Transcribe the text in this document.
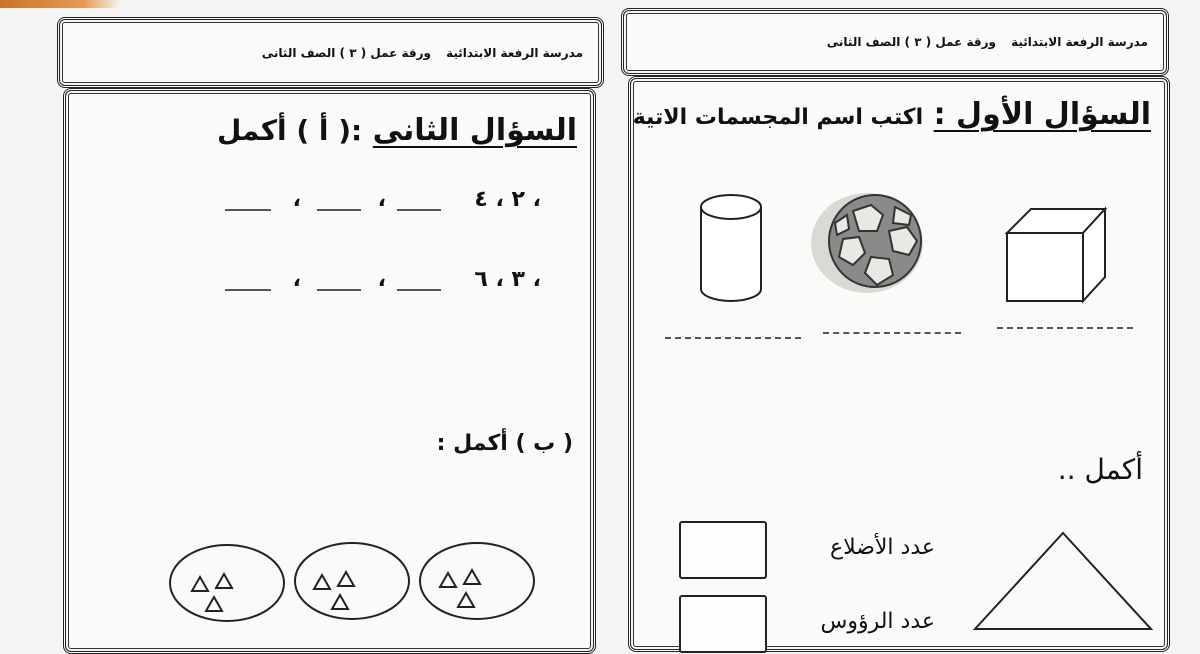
مدرسة الرفعة الابتدائية
ورقة عمل ( ٣ ) الصف الثانى
السؤال الثانى :( أ ) أكمل
٢ ، ٤ ،
،
،
٣ ، ٦ ،
،
،
( ب ) أكمل :
مدرسة الرفعة الابتدائية
ورقة عمل ( ٣ ) الصف الثانى
السؤال الأول : اكتب اسم المجسمات الاتية
أكمل ..
عدد الأضلاع
عدد الرؤوس
